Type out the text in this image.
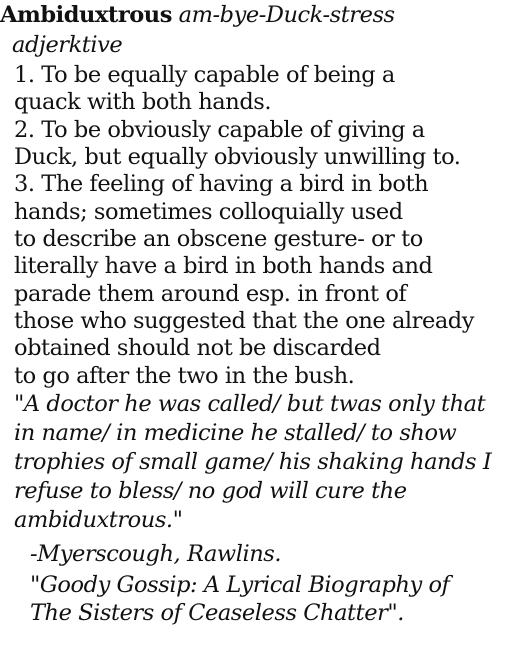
Ambiduxtrous am-bye-Duck-stress
adjerktive
1. To be equally capable of being a
quack with both hands.
2. To be obviously capable of giving a
Duck, but equally obviously unwilling to.
3. The feeling of having a bird in both
hands; sometimes colloquially used
to describe an obscene gesture- or to
literally have a bird in both hands and
parade them around esp. in front of
those who suggested that the one already
obtained should not be discarded
to go after the two in the bush.
"A doctor he was called/ but twas only that
in name/ in medicine he stalled/ to show
trophies of small game/ his shaking hands I
refuse to bless/ no god will cure the
ambiduxtrous."
-Myerscough, Rawlins.
"Goody Gossip: A Lyrical Biography of
The Sisters of Ceaseless Chatter".
